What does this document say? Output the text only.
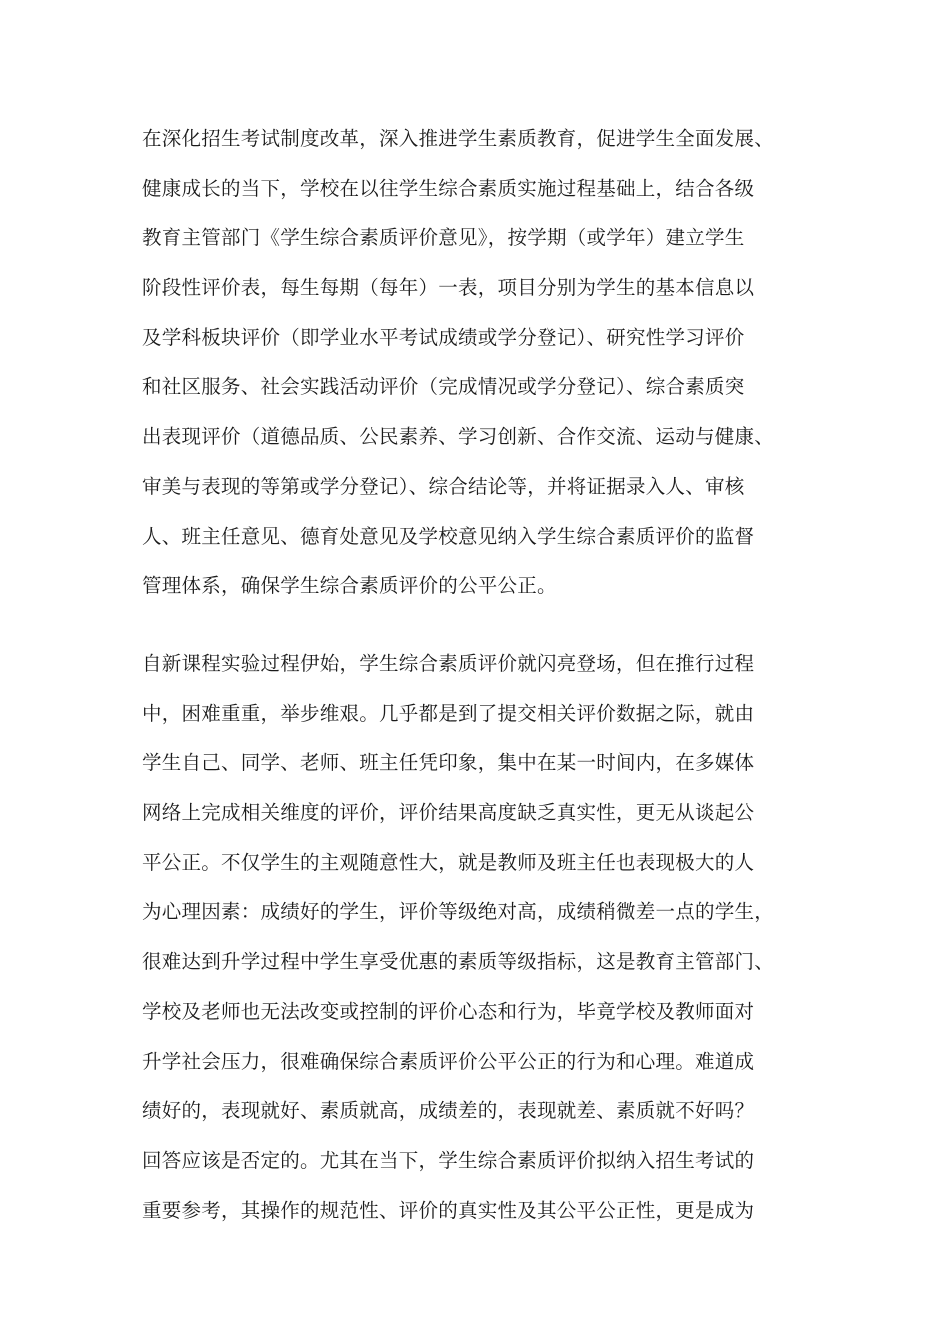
在深化招生考试制度改革，深入推进学生素质教育，促进学生全面发展、
健康成长的当下，学校在以往学生综合素质实施过程基础上，结合各级
教育主管部门《学生综合素质评价意见》，按学期（或学年）建立学生
阶段性评价表，每生每期（每年）一表，项目分别为学生的基本信息以
及学科板块评价（即学业水平考试成绩或学分登记）、研究性学习评价
和社区服务、社会实践活动评价（完成情况或学分登记）、综合素质突
出表现评价（道德品质、公民素养、学习创新、合作交流、运动与健康、
审美与表现的等第或学分登记）、综合结论等，并将证据录入人、审核
人、班主任意见、德育处意见及学校意见纳入学生综合素质评价的监督
管理体系，确保学生综合素质评价的公平公正。
自新课程实验过程伊始，学生综合素质评价就闪亮登场，但在推行过程
中，困难重重，举步维艰。几乎都是到了提交相关评价数据之际，就由
学生自己、同学、老师、班主任凭印象，集中在某一时间内，在多媒体
网络上完成相关维度的评价，评价结果高度缺乏真实性，更无从谈起公
平公正。不仅学生的主观随意性大，就是教师及班主任也表现极大的人
为心理因素：成绩好的学生，评价等级绝对高，成绩稍微差一点的学生，
很难达到升学过程中学生享受优惠的素质等级指标，这是教育主管部门、
学校及老师也无法改变或控制的评价心态和行为，毕竟学校及教师面对
升学社会压力，很难确保综合素质评价公平公正的行为和心理。难道成
绩好的，表现就好、素质就高，成绩差的，表现就差、素质就不好吗？
回答应该是否定的。尤其在当下，学生综合素质评价拟纳入招生考试的
重要参考，其操作的规范性、评价的真实性及其公平公正性，更是成为
